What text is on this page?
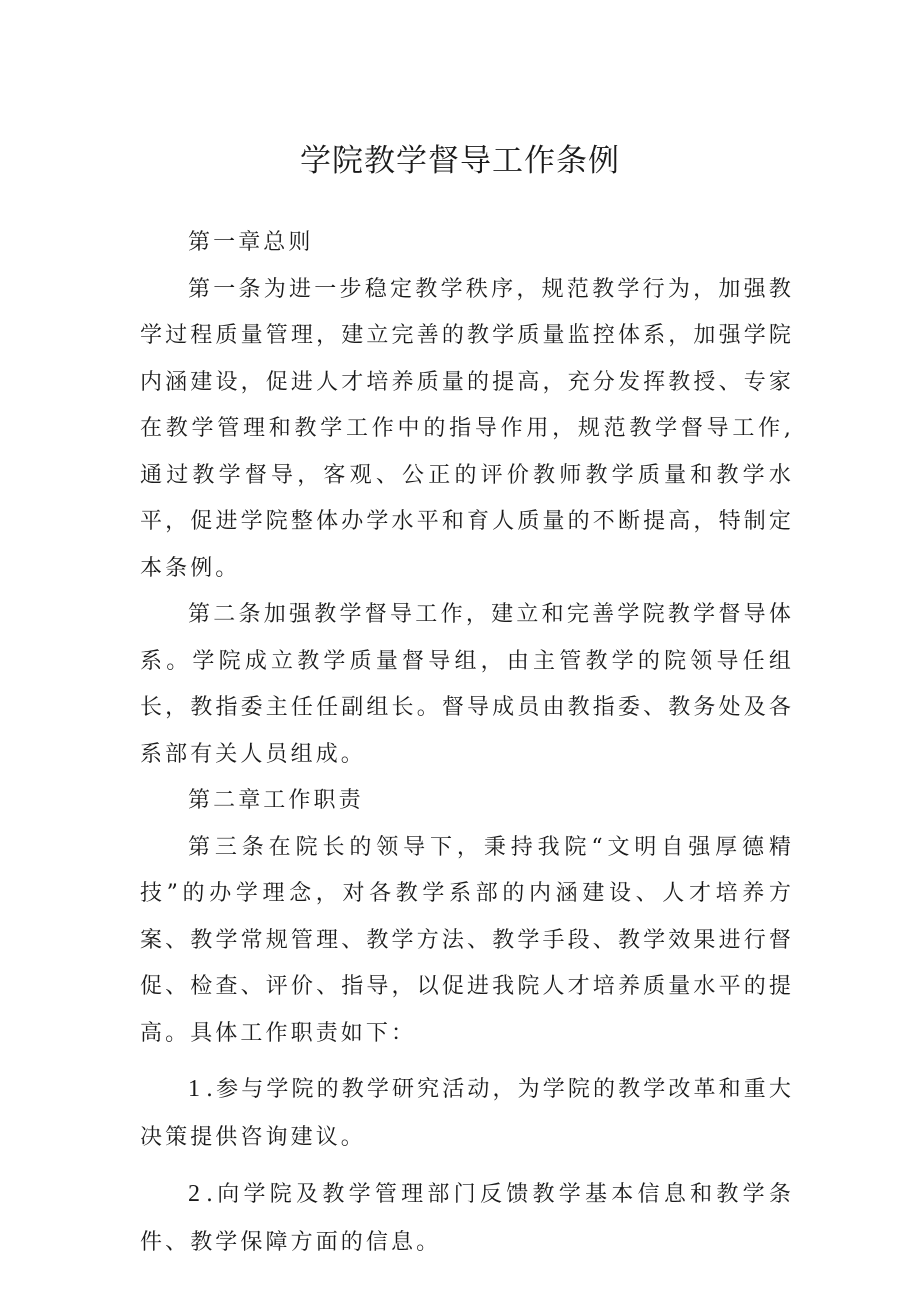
学院教学督导工作条例

第一章总则

第一条为进一步稳定教学秩序，规范教学行为，加强教学过程质量管理，建立完善的教学质量监控体系，加强学院内涵建设，促进人才培养质量的提高，充分发挥教授、专家在教学管理和教学工作中的指导作用，规范教学督导工作,通过教学督导，客观、公正的评价教师教学质量和教学水平，促进学院整体办学水平和育人质量的不断提高，特制定本条例。

第二条加强教学督导工作，建立和完善学院教学督导体系。学院成立教学质量督导组，由主管教学的院领导任组长，教指委主任任副组长。督导成员由教指委、教务处及各系部有关人员组成。

第二章工作职责

第三条在院长的领导下，秉持我院“文明自强厚德精技”的办学理念，对各教学系部的内涵建设、人才培养方案、教学常规管理、教学方法、教学手段、教学效果进行督促、检查、评价、指导，以促进我院人才培养质量水平的提高。具体工作职责如下：

1 .参与学院的教学研究活动，为学院的教学改革和重大决策提供咨询建议。

2 .向学院及教学管理部门反馈教学基本信息和教学条件、教学保障方面的信息。
